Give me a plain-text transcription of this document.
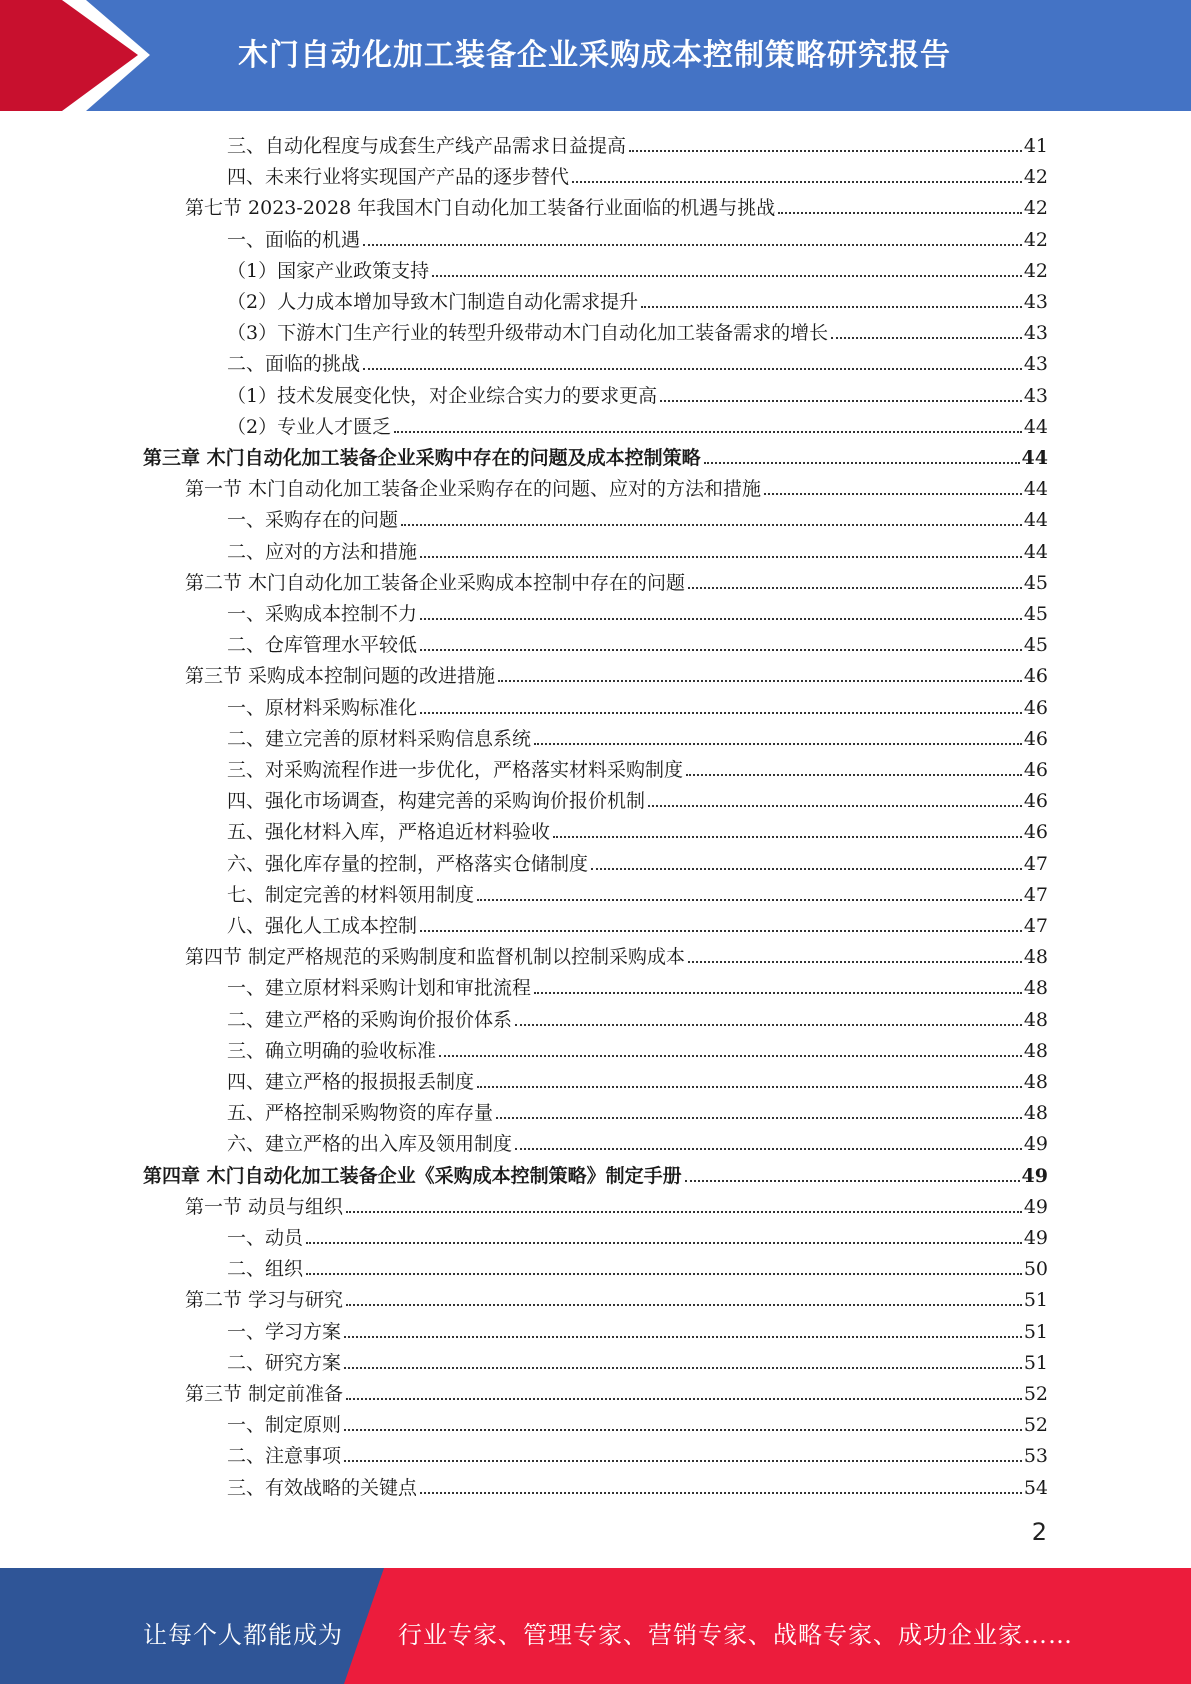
木门自动化加工装备企业采购成本控制策略研究报告
三、自动化程度与成套生产线产品需求日益提高	41
四、未来行业将实现国产产品的逐步替代	42
第七节 2023-2028 年我国木门自动化加工装备行业面临的机遇与挑战	42
一、面临的机遇	42
（1）国家产业政策支持	42
（2）人力成本增加导致木门制造自动化需求提升	43
（3）下游木门生产行业的转型升级带动木门自动化加工装备需求的增长	43
二、面临的挑战	43
（1）技术发展变化快，对企业综合实力的要求更高	43
（2）专业人才匮乏	44
第三章 木门自动化加工装备企业采购中存在的问题及成本控制策略	44
第一节 木门自动化加工装备企业采购存在的问题、应对的方法和措施	44
一、采购存在的问题	44
二、应对的方法和措施	44
第二节 木门自动化加工装备企业采购成本控制中存在的问题	45
一、采购成本控制不力	45
二、仓库管理水平较低	45
第三节 采购成本控制问题的改进措施	46
一、原材料采购标准化	46
二、建立完善的原材料采购信息系统	46
三、对采购流程作进一步优化，严格落实材料采购制度	46
四、强化市场调查，构建完善的采购询价报价机制	46
五、强化材料入库，严格追近材料验收	46
六、强化库存量的控制，严格落实仓储制度	47
七、制定完善的材料领用制度	47
八、强化人工成本控制	47
第四节 制定严格规范的采购制度和监督机制以控制采购成本	48
一、建立原材料采购计划和审批流程	48
二、建立严格的采购询价报价体系	48
三、确立明确的验收标准	48
四、建立严格的报损报丢制度	48
五、严格控制采购物资的库存量	48
六、建立严格的出入库及领用制度	49
第四章 木门自动化加工装备企业《采购成本控制策略》制定手册	49
第一节 动员与组织	49
一、动员	49
二、组织	50
第二节 学习与研究	51
一、学习方案	51
二、研究方案	51
第三节 制定前准备	52
一、制定原则	52
二、注意事项	53
三、有效战略的关键点	54
2
让每个人都能成为 行业专家、管理专家、营销专家、战略专家、成功企业家……
